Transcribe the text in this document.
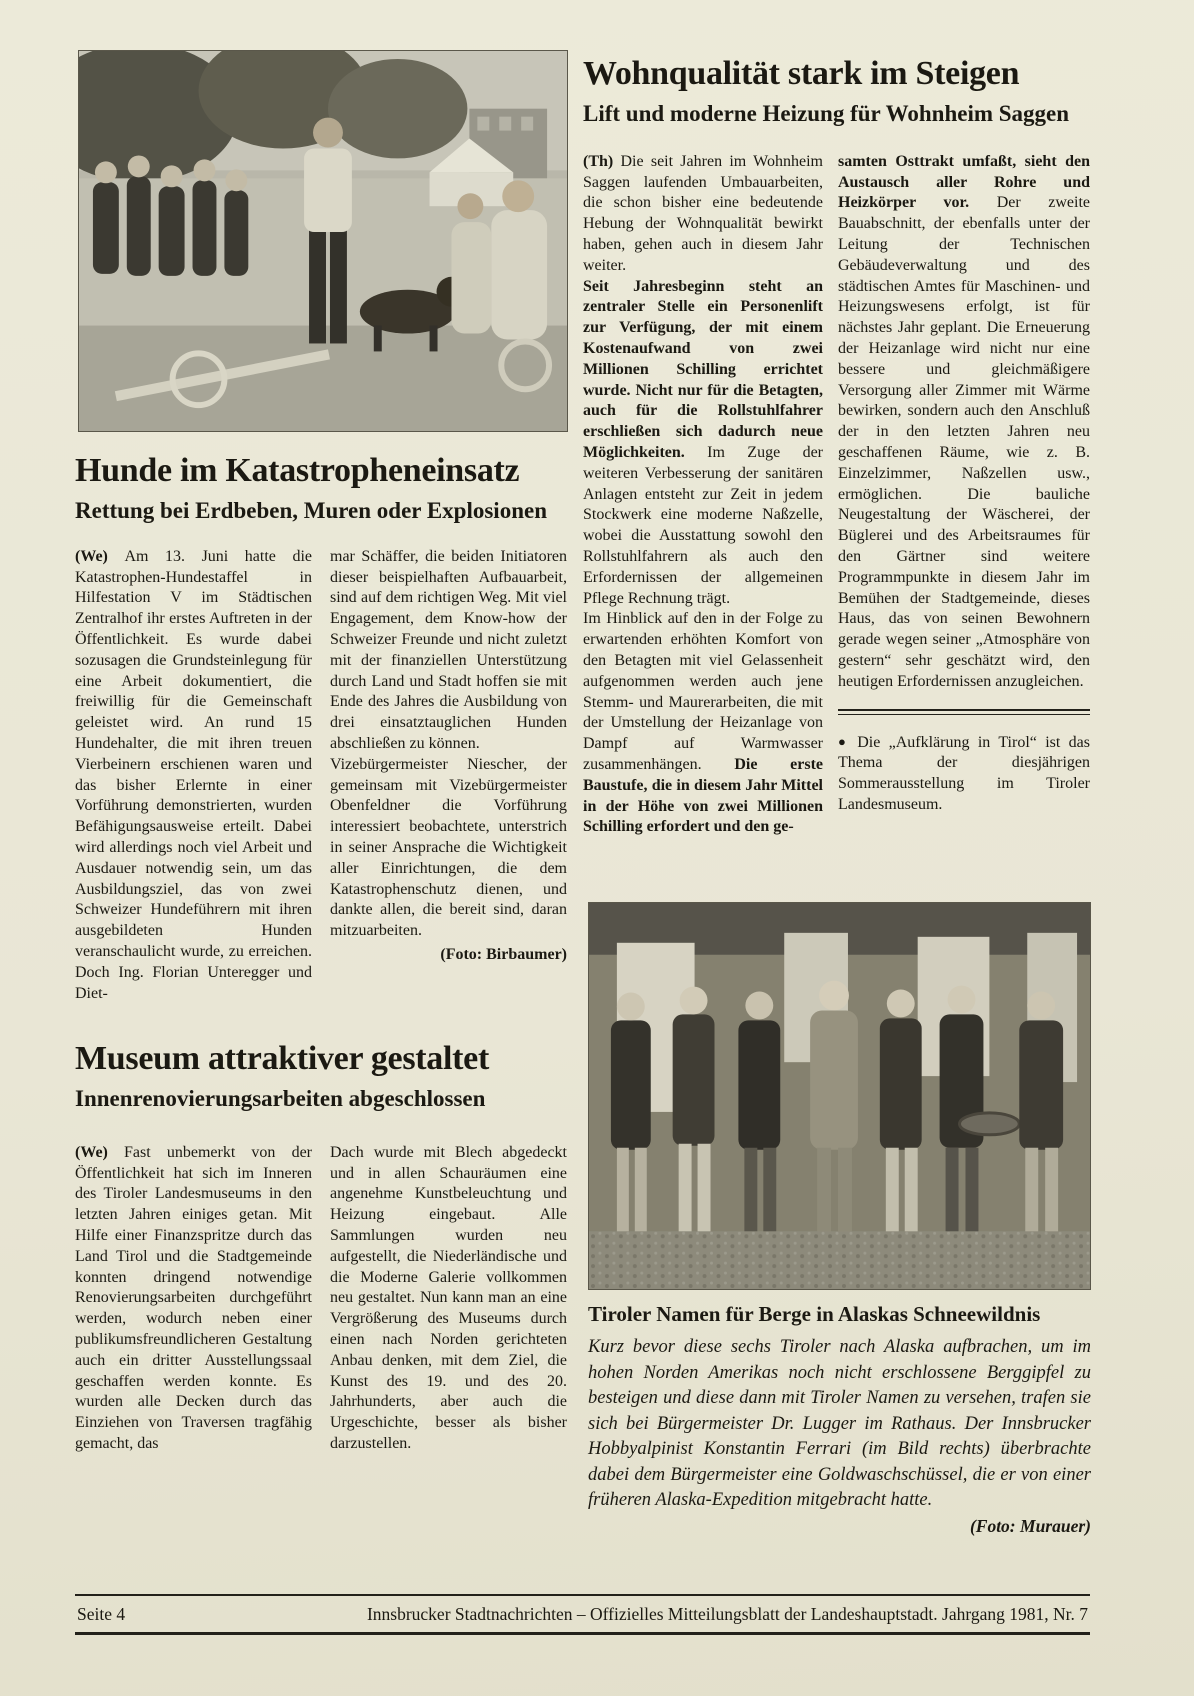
Wohnqualität stark im Steigen
Lift und moderne Heizung für Wohnheim Saggen

(Th) Die seit Jahren im Wohnheim Saggen laufenden Umbauarbeiten, die schon bisher eine bedeutende Hebung der Wohnqualität bewirkt haben, gehen auch in diesem Jahr weiter.

Seit Jahresbeginn steht an zentraler Stelle ein Personenlift zur Verfügung, der mit einem Kostenaufwand von zwei Millionen Schilling errichtet wurde. Nicht nur für die Betagten, auch für die Rollstuhlfahrer erschließen sich dadurch neue Möglichkeiten. Im Zuge der weiteren Verbesserung der sanitären Anlagen entsteht zur Zeit in jedem Stockwerk eine moderne Naßzelle, wobei die Ausstattung sowohl den Rollstuhlfahrern als auch den Erfordernissen der allgemeinen Pflege Rechnung trägt.

Im Hinblick auf den in der Folge zu erwartenden erhöhten Komfort von den Betagten mit viel Gelassenheit aufgenommen werden auch jene Stemm- und Maurerarbeiten, die mit der Umstellung der Heizanlage von Dampf auf Warmwasser zusammenhängen. Die erste Baustufe, die in diesem Jahr Mittel in der Höhe von zwei Millionen Schilling erfordert und den ge-

samten Osttrakt umfaßt, sieht den Austausch aller Rohre und Heizkörper vor. Der zweite Bauabschnitt, der ebenfalls unter der Leitung der Technischen Gebäudeverwaltung und des städtischen Amtes für Maschinen- und Heizungswesens erfolgt, ist für nächstes Jahr geplant. Die Erneuerung der Heizanlage wird nicht nur eine bessere und gleichmäßigere Versorgung aller Zimmer mit Wärme bewirken, sondern auch den Anschluß der in den letzten Jahren neu geschaffenen Räume, wie z. B. Einzelzimmer, Naßzellen usw., ermöglichen. Die bauliche Neugestaltung der Wäscherei, der Büglerei und des Arbeitsraumes für den Gärtner sind weitere Programmpunkte in diesem Jahr im Bemühen der Stadtgemeinde, dieses Haus, das von seinen Bewohnern gerade wegen seiner „Atmosphäre von gestern“ sehr geschätzt wird, den heutigen Erfordernissen anzugleichen.

● Die „Aufklärung in Tirol“ ist das Thema der diesjährigen Sommerausstellung im Tiroler Landesmuseum.

Hunde im Katastropheneinsatz
Rettung bei Erdbeben, Muren oder Explosionen

(We) Am 13. Juni hatte die Katastrophen-Hundestaffel in Hilfestation V im Städtischen Zentralhof ihr erstes Auftreten in der Öffentlichkeit. Es wurde dabei sozusagen die Grundsteinlegung für eine Arbeit dokumentiert, die freiwillig für die Gemeinschaft geleistet wird. An rund 15 Hundehalter, die mit ihren treuen Vierbeinern erschienen waren und das bisher Erlernte in einer Vorführung demonstrierten, wurden Befähigungsausweise erteilt. Dabei wird allerdings noch viel Arbeit und Ausdauer notwendig sein, um das Ausbildungsziel, das von zwei Schweizer Hundeführern mit ihren ausgebildeten Hunden veranschaulicht wurde, zu erreichen. Doch Ing. Florian Unteregger und Diet-

mar Schäffer, die beiden Initiatoren dieser beispielhaften Aufbauarbeit, sind auf dem richtigen Weg. Mit viel Engagement, dem Know-how der Schweizer Freunde und nicht zuletzt mit der finanziellen Unterstützung durch Land und Stadt hoffen sie mit Ende des Jahres die Ausbildung von drei einsatztauglichen Hunden abschließen zu können.

Vizebürgermeister Niescher, der gemeinsam mit Vizebürgermeister Obenfeldner die Vorführung interessiert beobachtete, unterstrich in seiner Ansprache die Wichtigkeit aller Einrichtungen, die dem Katastrophenschutz dienen, und dankte allen, die bereit sind, daran mitzuarbeiten.

(Foto: Birbaumer)
Museum attraktiver gestaltet
Innenrenovierungsarbeiten abgeschlossen

(We) Fast unbemerkt von der Öffentlichkeit hat sich im Inneren des Tiroler Landesmuseums in den letzten Jahren einiges getan. Mit Hilfe einer Finanzspritze durch das Land Tirol und die Stadtgemeinde konnten dringend notwendige Renovierungsarbeiten durchgeführt werden, wodurch neben einer publikumsfreundlicheren Gestaltung auch ein dritter Ausstellungssaal geschaffen werden konnte. Es wurden alle Decken durch das Einziehen von Traversen tragfähig gemacht, das

Dach wurde mit Blech abgedeckt und in allen Schauräumen eine angenehme Kunstbeleuchtung und Heizung eingebaut. Alle Sammlungen wurden neu aufgestellt, die Niederländische und die Moderne Galerie vollkommen neu gestaltet. Nun kann man an eine Vergrößerung des Museums durch einen nach Norden gerichteten Anbau denken, mit dem Ziel, die Kunst des 19. und des 20. Jahrhunderts, aber auch die Urgeschichte, besser als bisher darzustellen.

Tiroler Namen für Berge in Alaskas Schneewildnis
Kurz bevor diese sechs Tiroler nach Alaska aufbrachen, um im hohen Norden Amerikas noch nicht erschlossene Berggipfel zu besteigen und diese dann mit Tiroler Namen zu versehen, trafen sie sich bei Bürgermeister Dr. Lugger im Rathaus. Der Innsbrucker Hobbyalpinist Konstantin Ferrari (im Bild rechts) überbrachte dabei dem Bürgermeister eine Goldwaschschüssel, die er von einer früheren Alaska-Expedition mitgebracht hatte.
(Foto: Murauer)
Seite 4	Innsbrucker Stadtnachrichten – Offizielles Mitteilungsblatt der Landeshauptstadt. Jahrgang 1981, Nr. 7
